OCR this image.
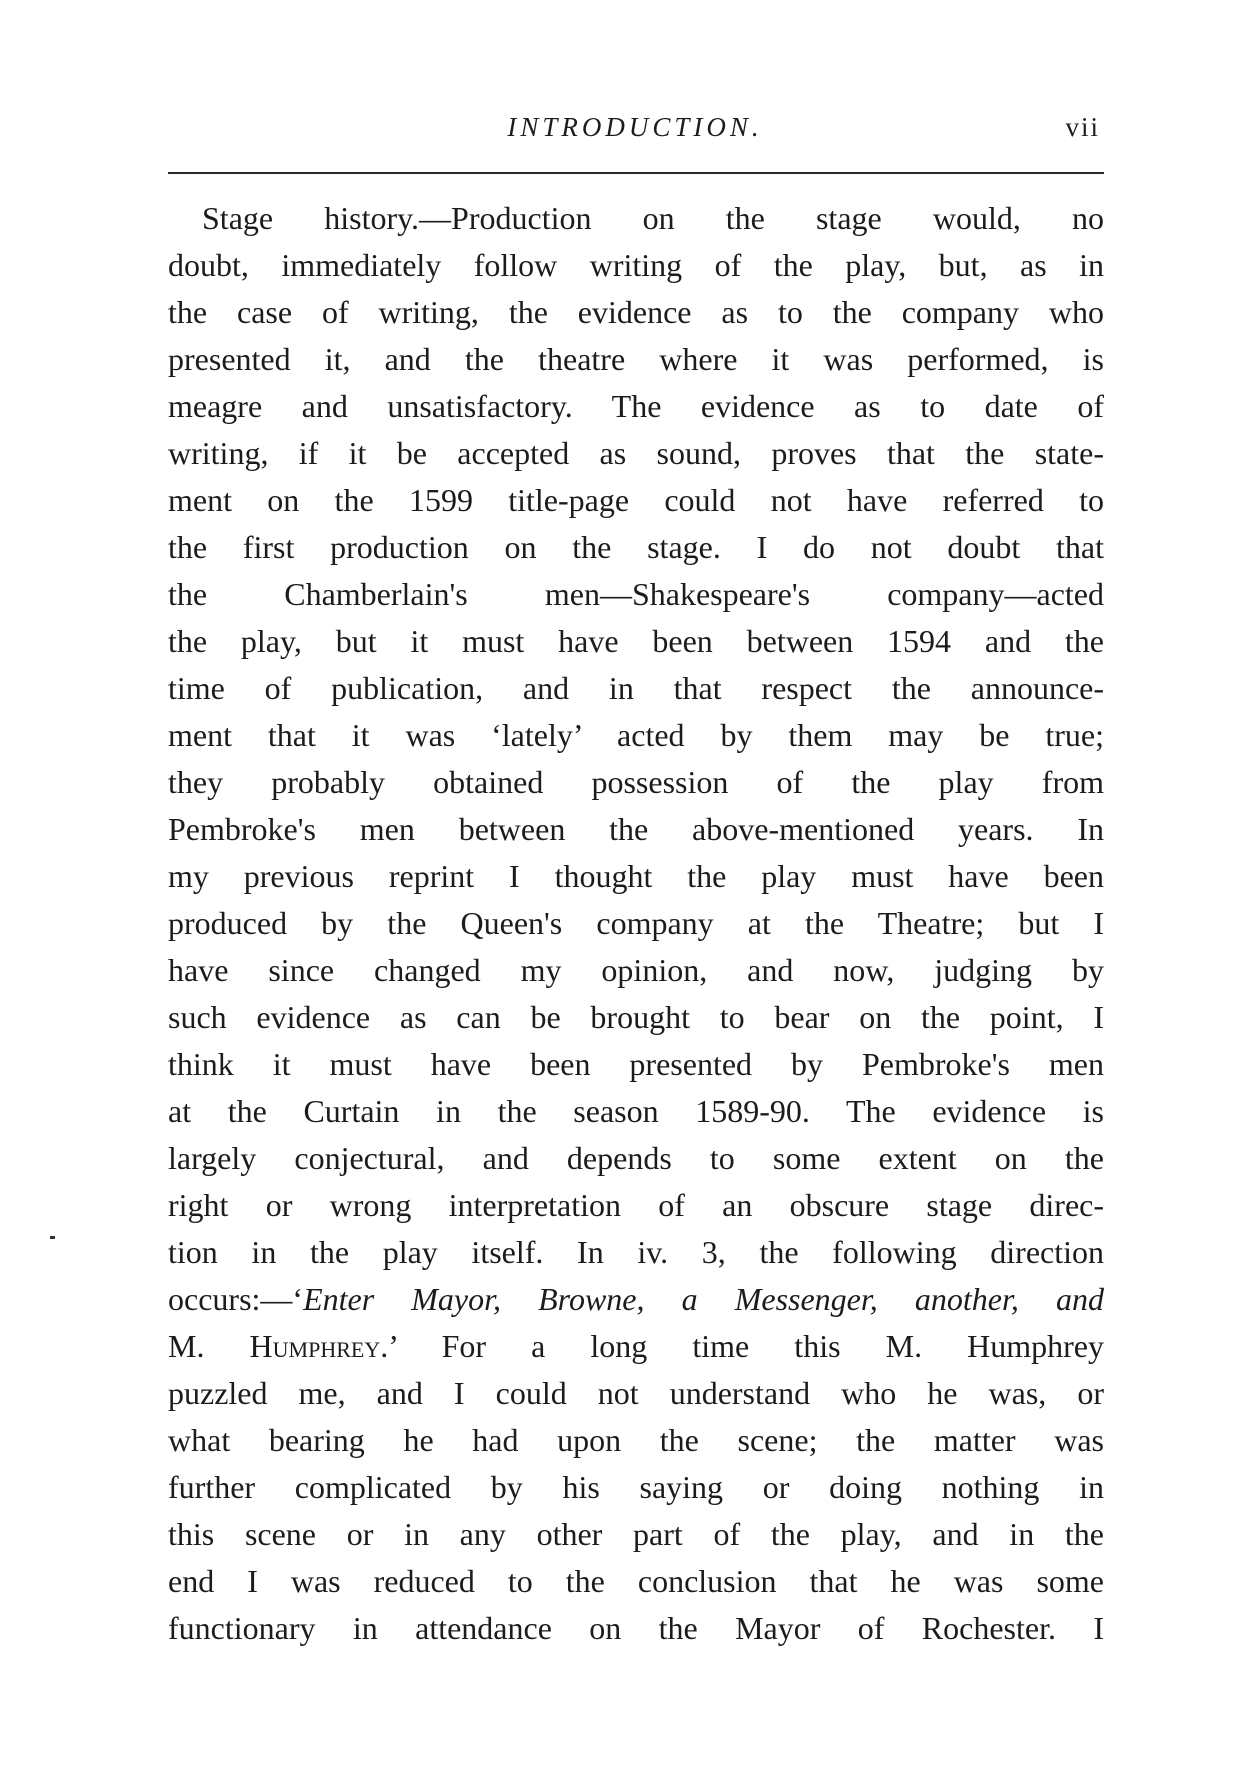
INTRODUCTION.	vii
Stage history.—Production on the stage would, no
doubt, immediately follow writing of the play, but, as in
the case of writing, the evidence as to the company who
presented it, and the theatre where it was performed, is
meagre and unsatisfactory. The evidence as to date of
writing, if it be accepted as sound, proves that the state-
ment on the 1599 title-page could not have referred to
the first production on the stage. I do not doubt that
the Chamberlain's men—Shakespeare's company—acted
the play, but it must have been between 1594 and the
time of publication, and in that respect the announce-
ment that it was ‘lately’ acted by them may be true;
they probably obtained possession of the play from
Pembroke's men between the above-mentioned years. In
my previous reprint I thought the play must have been
produced by the Queen's company at the Theatre; but I
have since changed my opinion, and now, judging by
such evidence as can be brought to bear on the point, I
think it must have been presented by Pembroke's men
at the Curtain in the season 1589-90. The evidence is
largely conjectural, and depends to some extent on the
right or wrong interpretation of an obscure stage direc-
tion in the play itself. In iv. 3, the following direction
occurs:—‘Enter Mayor, Browne, a Messenger, another, and
M. Humphrey.’ For a long time this M. Humphrey
puzzled me, and I could not understand who he was, or
what bearing he had upon the scene; the matter was
further complicated by his saying or doing nothing in
this scene or in any other part of the play, and in the
end I was reduced to the conclusion that he was some
functionary in attendance on the Mayor of Rochester. I
